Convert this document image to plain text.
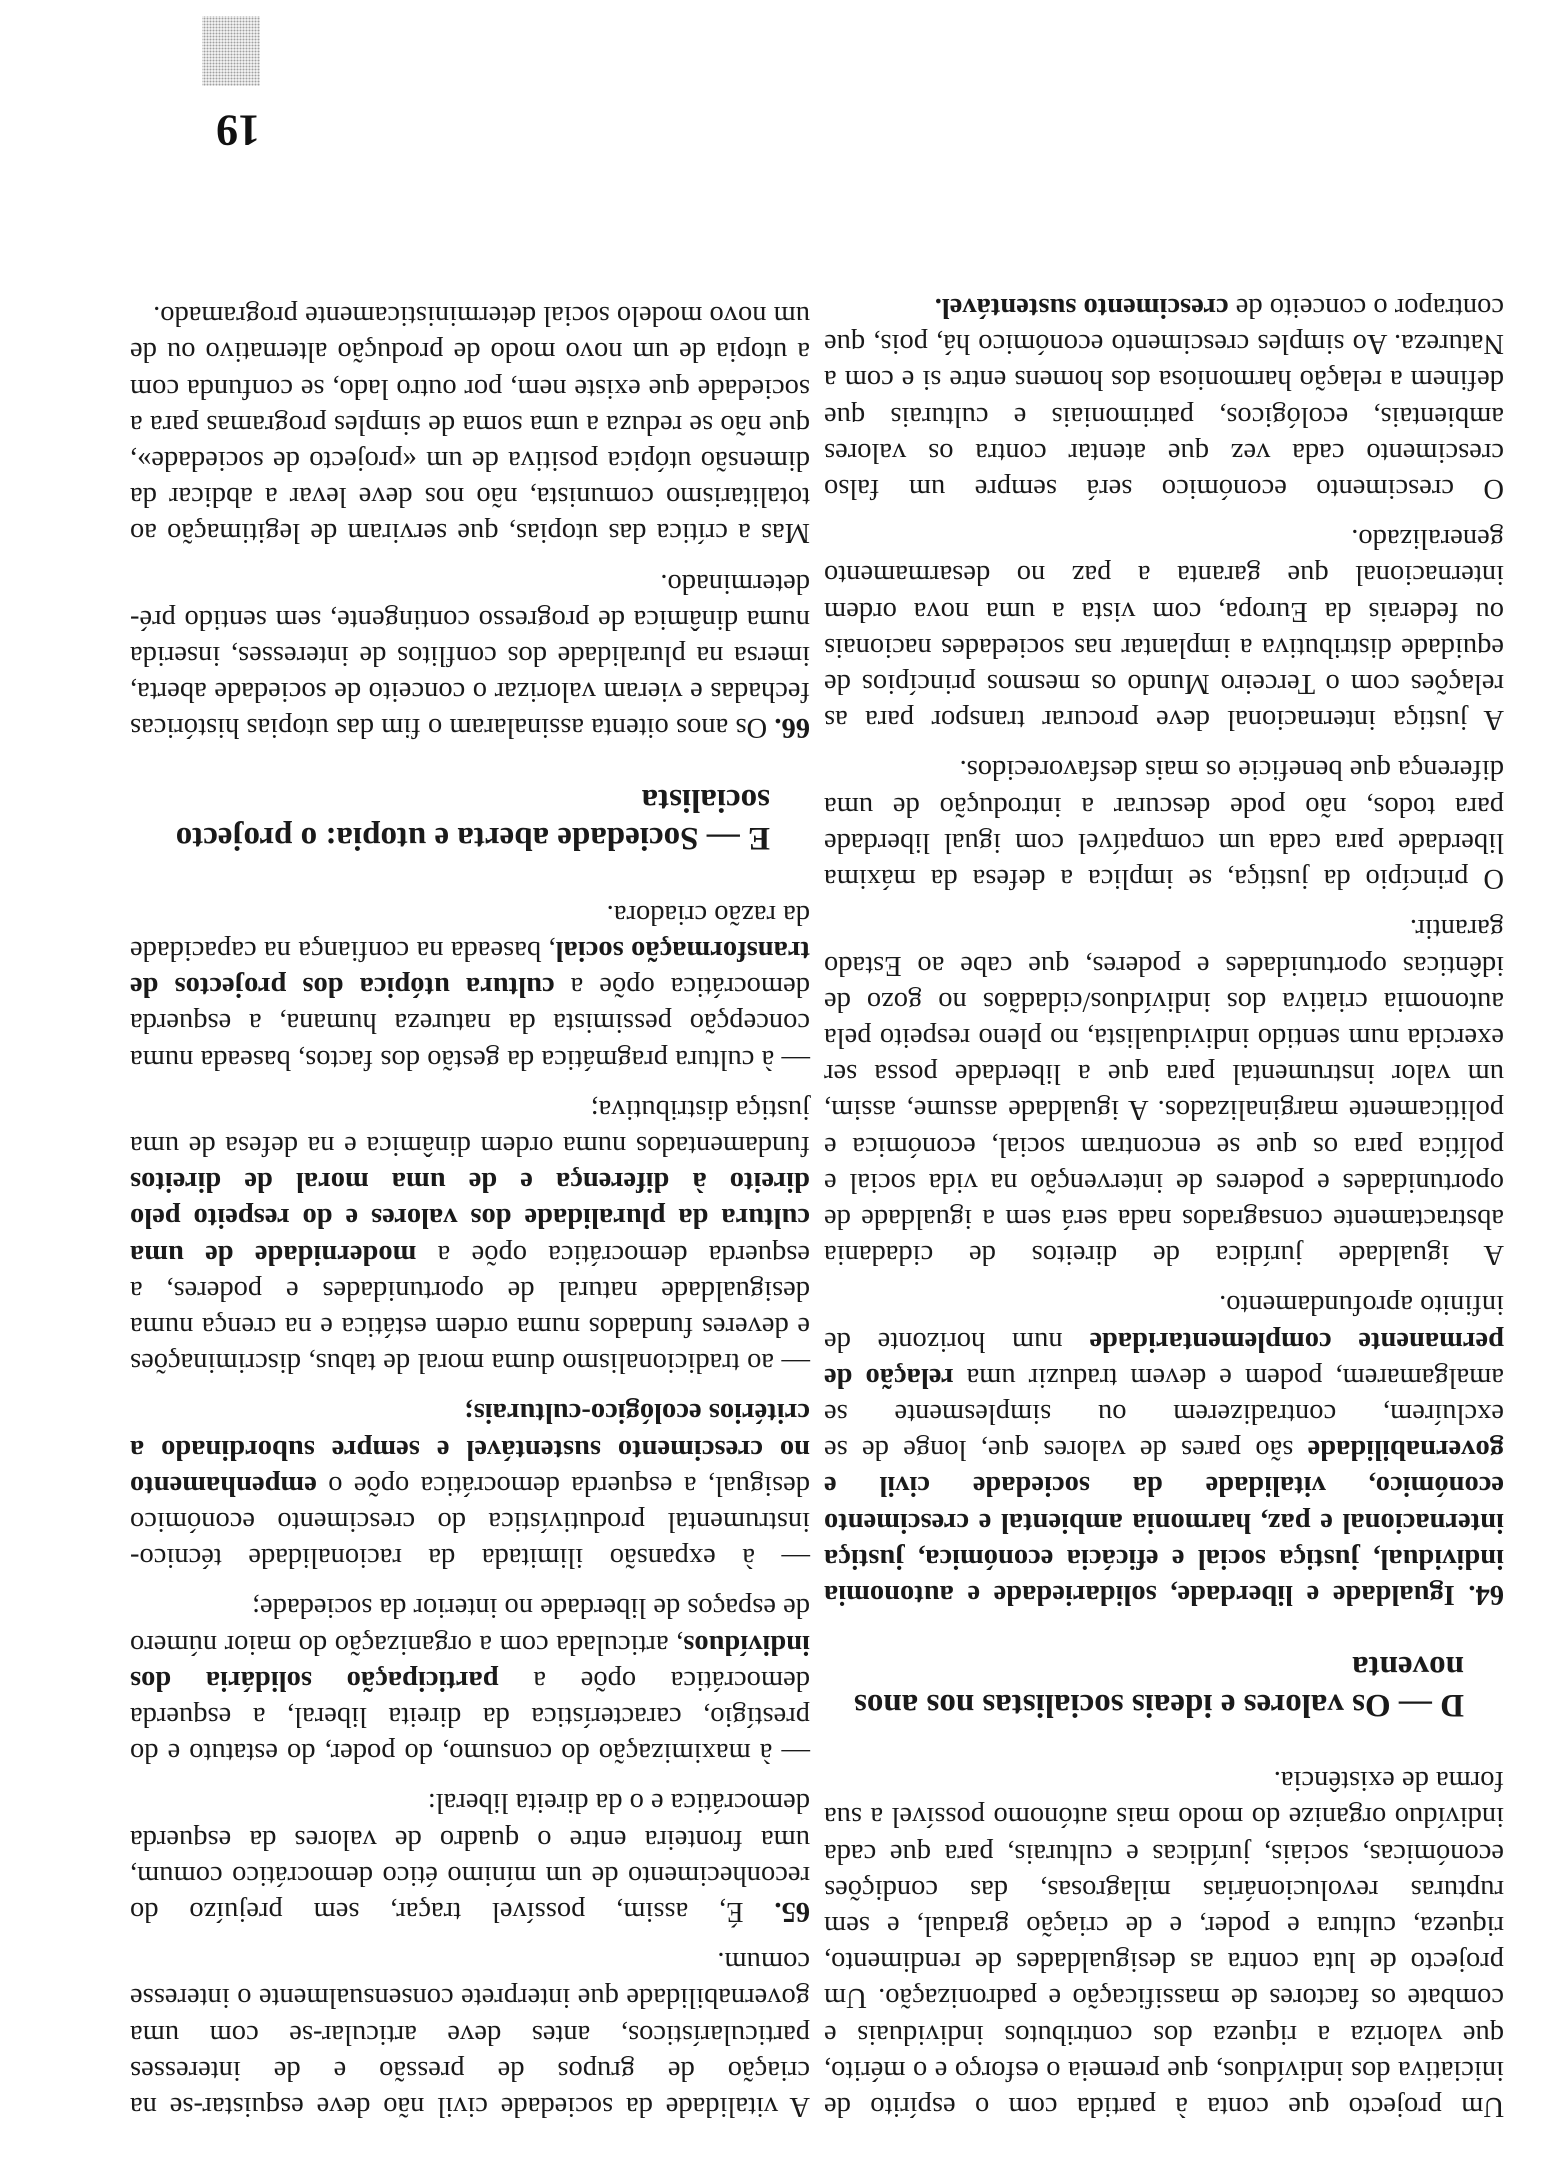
Um projecto que conta à partida com o espírito de iniciativa dos indivíduos, que premeia o esforço e o mérito, que valoriza a riqueza dos contributos individuais e combate os factores de massificação e padronização. Um projecto de luta contra as desigualdades de rendimento, riqueza, cultura e poder, e de criação gradual, e sem rupturas revolucionárias milagrosas, das condições económicas, sociais, jurídicas e culturais, para que cada indivíduo organize do modo mais autónomo possível a sua forma de existência.

D — Os valores e ideais socialistas nos anos noventa

64. Igualdade e liberdade, solidariedade e autonomia individual, justiça social e eficácia económica, justiça internacional e paz, harmonia ambiental e crescimento económico, vitalidade da sociedade civil e governabilidade são pares de valores que, longe de se excluírem, contradizerem ou simplesmente se amalgamarem, podem e devem traduzir uma relação de permanente complementaridade num horizonte de infinito aprofundamento.

A igualdade jurídica de direitos de cidadania abstractamente consagrados nada será sem a igualdade de oportunidades e poderes de intervenção na vida social e política para os que se encontram social, económica e politicamente marginalizados. A igualdade assume, assim, um valor instrumental para que a liberdade possa ser exercida num sentido individualista, no pleno respeito pela autonomia criativa dos indivíduos/cidadãos no gozo de idênticas oportunidades e poderes, que cabe ao Estado garantir.

O princípio da justiça, se implica a defesa da máxima liberdade para cada um compatível com igual liberdade para todos, não pode descurar a introdução de uma diferença que beneficie os mais desfavorecidos.

A justiça internacional deve procurar transpor para as relações com o Terceiro Mundo os mesmos princípios de equidade distributiva a implantar nas sociedades nacionais ou federais da Europa, com vista a uma nova ordem internacional que garanta a paz no desarmamento generalizado.

O crescimento económico será sempre um falso crescimento cada vez que atentar contra os valores ambientais, ecológicos, patrimoniais e culturais que definem a relação harmoniosa dos homens entre si e com a Natureza. Ao simples crescimento económico há, pois, que contrapor o conceito de crescimento sustentável.

A vitalidade da sociedade civil não deve esquistar-se na criação de grupos de pressão e de interesses particularísticos, antes deve articular-se com uma governabilidade que interprete consensualmente o interesse comum.

65. É, assim, possível traçar, sem prejuízo do reconhecimento de um mínimo ético democrático comum, uma fronteira entre o quadro de valores da esquerda democrática e o da direita liberal:

— à maximização do consumo, do poder, do estatuto e do prestígio, característica da direita liberal, a esquerda democrática opõe a participação solidária dos indivíduos, articulada com a organização do maior número de espaços de liberdade no interior da sociedade;

— à expansão ilimitada da racionalidade técnico-instrumental produtivística do crescimento económico desigual, a esquerda democrática opõe o empenhamento no crescimento sustentável e sempre subordinado a critérios ecológico-culturais;

— ao tradicionalismo duma moral de tabus, discriminações e deveres fundados numa ordem estática e na crença numa desigualdade natural de oportunidades e poderes, a esquerda democrática opõe a modernidade de uma cultura da pluralidade dos valores e do respeito pelo direito à diferença e de uma moral de direitos fundamentados numa ordem dinâmica e na defesa de uma justiça distributiva;

— à cultura pragmática da gestão dos factos, baseada numa concepção pessimista da natureza humana, a esquerda democrática opõe a cultura utópica dos projectos de transformação social, baseada na confiança na capacidade da razão criadora.

E — Sociedade aberta e utopia: o projecto socialista

66. Os anos oitenta assinalaram o fim das utopias históricas fechadas e vieram valorizar o conceito de sociedade aberta, imersa na pluralidade dos conflitos de interesses, inserida numa dinâmica de progresso contingente, sem sentido pré-determinado.

Mas a crítica das utopias, que serviram de legitimação ao totalitarismo comunista, não nos deve levar a abdicar da dimensão utópica positiva de um «projecto de sociedade», que não se reduza a uma soma de simples programas para a sociedade que existe nem, por outro lado, se confunda com a utopia de um novo modo de produção alternativo ou de um novo modelo social deterministicamente programado.

19
